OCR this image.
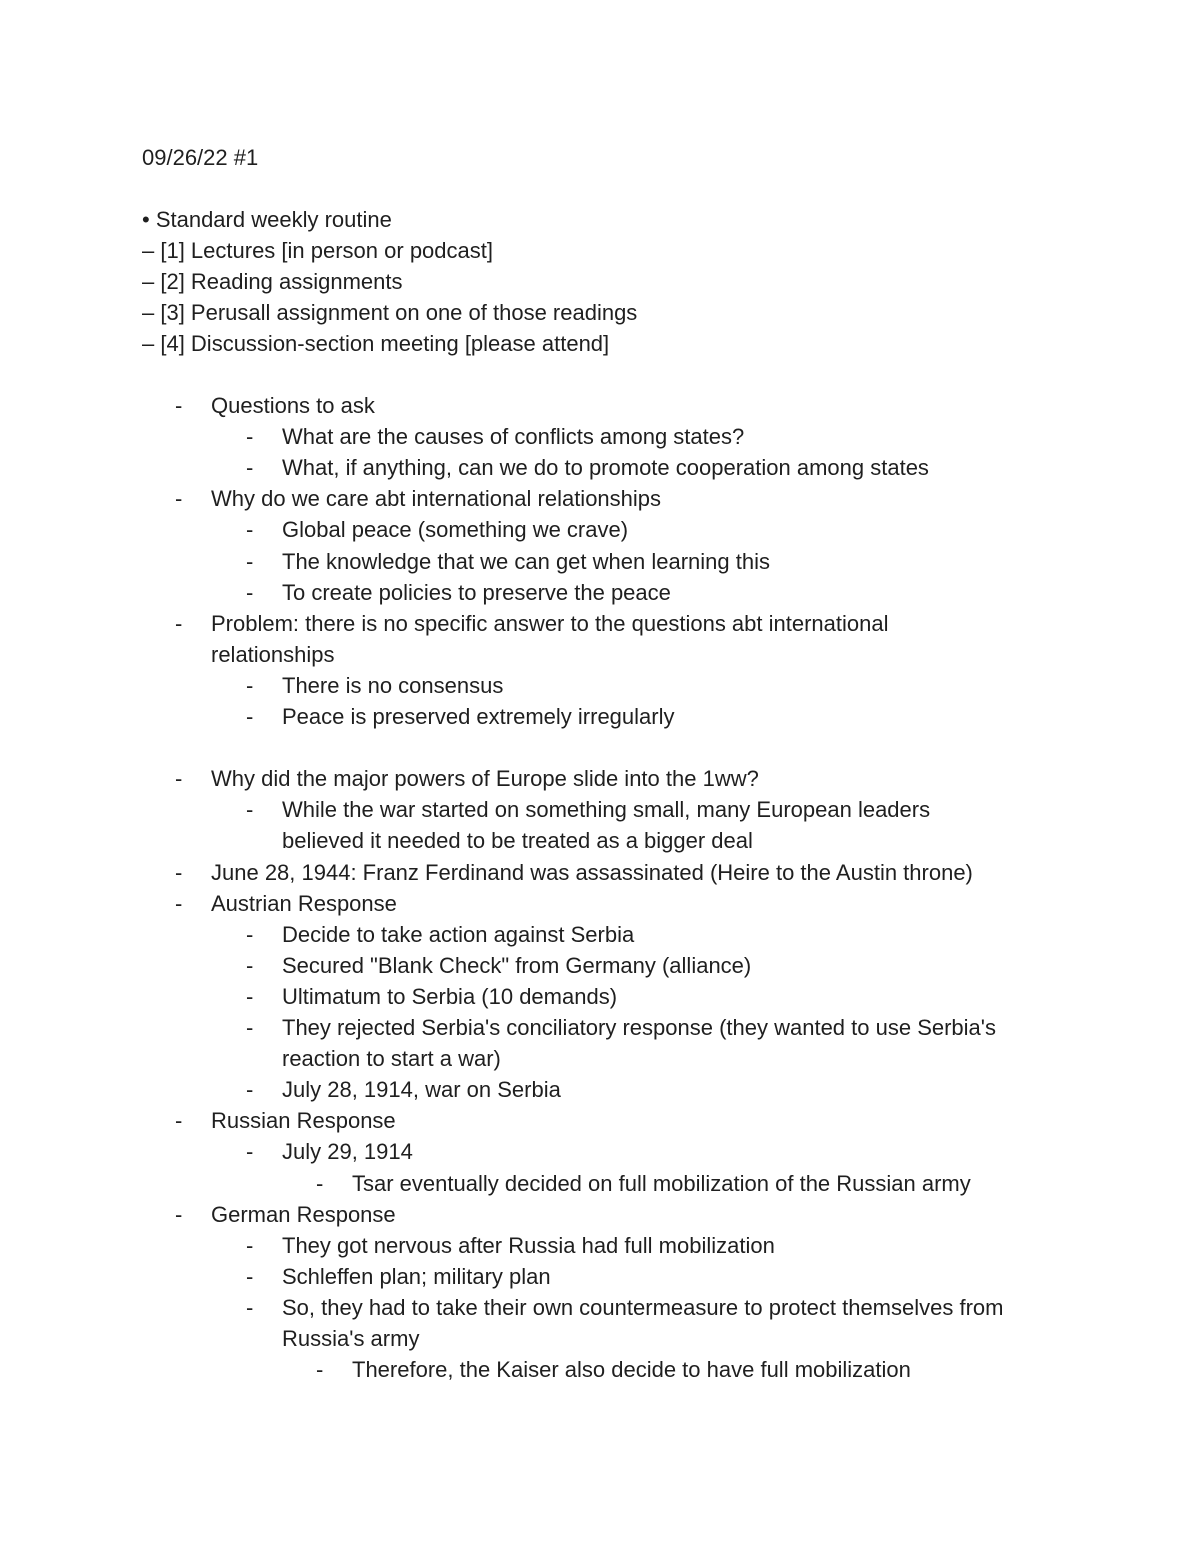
09/26/22 #1
• Standard weekly routine
– [1] Lectures [in person or podcast]
– [2] Reading assignments
– [3] Perusall assignment on one of those readings
– [4] Discussion-section meeting [please attend]
- Questions to ask
- What are the causes of conflicts among states?
- What, if anything, can we do to promote cooperation among states
- Why do we care abt international relationships
- Global peace (something we crave)
- The knowledge that we can get when learning this
- To create policies to preserve the peace
- Problem: there is no specific answer to the questions abt international
relationships
- There is no consensus
- Peace is preserved extremely irregularly
- Why did the major powers of Europe slide into the 1ww?
- While the war started on something small, many European leaders
believed it needed to be treated as a bigger deal
- June 28, 1944: Franz Ferdinand was assassinated (Heire to the Austin throne)
- Austrian Response
- Decide to take action against Serbia
- Secured "Blank Check" from Germany (alliance)
- Ultimatum to Serbia (10 demands)
- They rejected Serbia's conciliatory response (they wanted to use Serbia's
reaction to start a war)
- July 28, 1914, war on Serbia
- Russian Response
- July 29, 1914
- Tsar eventually decided on full mobilization of the Russian army
- German Response
- They got nervous after Russia had full mobilization
- Schleffen plan; military plan
- So, they had to take their own countermeasure to protect themselves from
Russia's army
- Therefore, the Kaiser also decide to have full mobilization
